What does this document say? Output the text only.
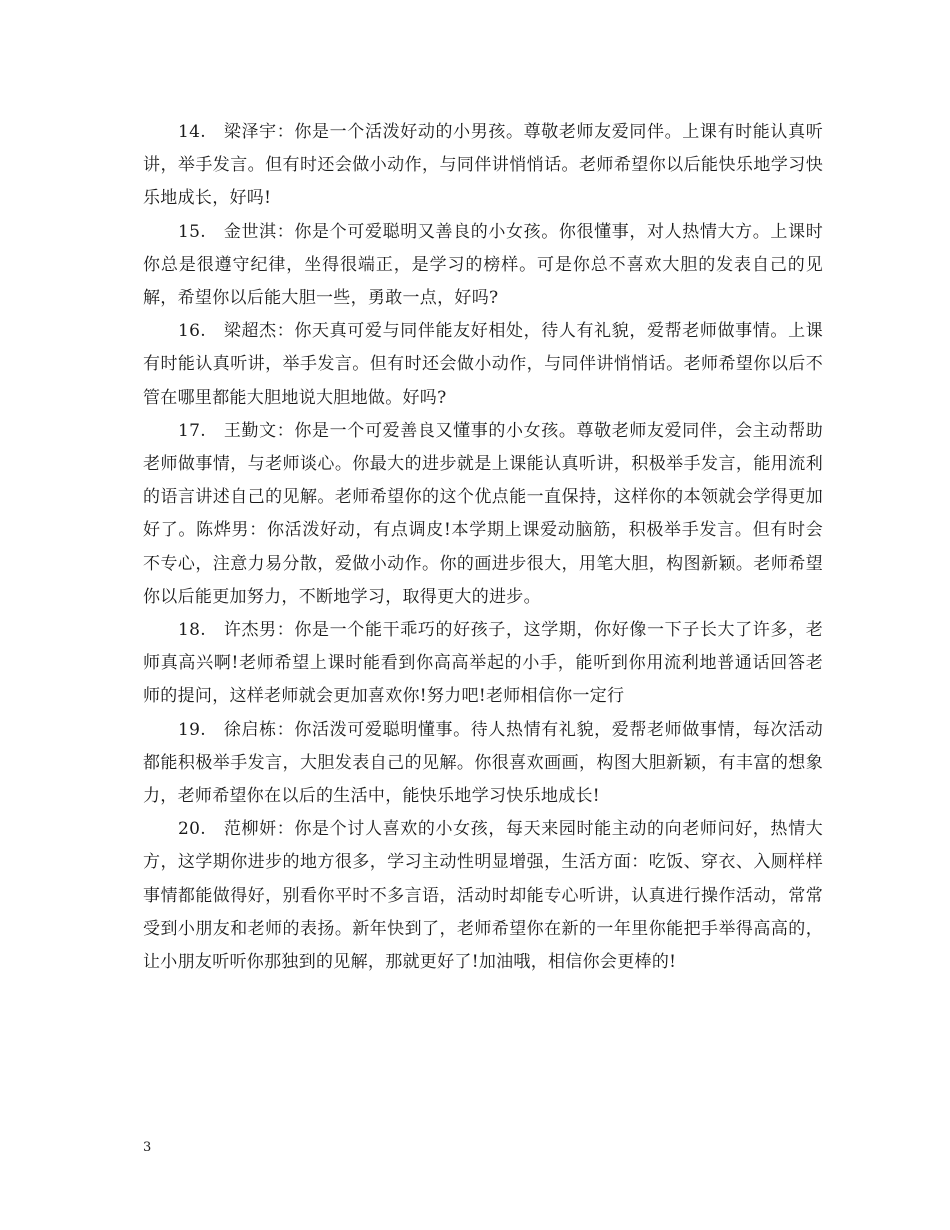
14.　梁泽宇：你是一个活泼好动的小男孩。尊敬老师友爱同伴。上课有时能认真听讲，举手发言。但有时还会做小动作，与同伴讲悄悄话。老师希望你以后能快乐地学习快乐地成长，好吗!

15.　金世淇：你是个可爱聪明又善良的小女孩。你很懂事，对人热情大方。上课时你总是很遵守纪律，坐得很端正，是学习的榜样。可是你总不喜欢大胆的发表自己的见解，希望你以后能大胆一些，勇敢一点，好吗?

16.　梁超杰：你天真可爱与同伴能友好相处，待人有礼貌，爱帮老师做事情。上课有时能认真听讲，举手发言。但有时还会做小动作，与同伴讲悄悄话。老师希望你以后不管在哪里都能大胆地说大胆地做。好吗?

17.　王勤文：你是一个可爱善良又懂事的小女孩。尊敬老师友爱同伴，会主动帮助老师做事情，与老师谈心。你最大的进步就是上课能认真听讲，积极举手发言，能用流利的语言讲述自己的见解。老师希望你的这个优点能一直保持，这样你的本领就会学得更加好了。陈烨男：你活泼好动，有点调皮!本学期上课爱动脑筋，积极举手发言。但有时会不专心，注意力易分散，爱做小动作。你的画进步很大，用笔大胆，构图新颖。老师希望你以后能更加努力，不断地学习，取得更大的进步。

18.　许杰男：你是一个能干乖巧的好孩子，这学期，你好像一下子长大了许多，老师真高兴啊!老师希望上课时能看到你高高举起的小手，能听到你用流利地普通话回答老师的提问，这样老师就会更加喜欢你!努力吧!老师相信你一定行

19.　徐启栋：你活泼可爱聪明懂事。待人热情有礼貌，爱帮老师做事情，每次活动都能积极举手发言，大胆发表自己的见解。你很喜欢画画，构图大胆新颖，有丰富的想象力，老师希望你在以后的生活中，能快乐地学习快乐地成长!

20.　范柳妍：你是个讨人喜欢的小女孩，每天来园时能主动的向老师问好，热情大方，这学期你进步的地方很多，学习主动性明显增强，生活方面：吃饭、穿衣、入厕样样事情都能做得好，别看你平时不多言语，活动时却能专心听讲，认真进行操作活动，常常受到小朋友和老师的表扬。新年快到了，老师希望你在新的一年里你能把手举得高高的，让小朋友听听你那独到的见解，那就更好了!加油哦，相信你会更棒的!

3
